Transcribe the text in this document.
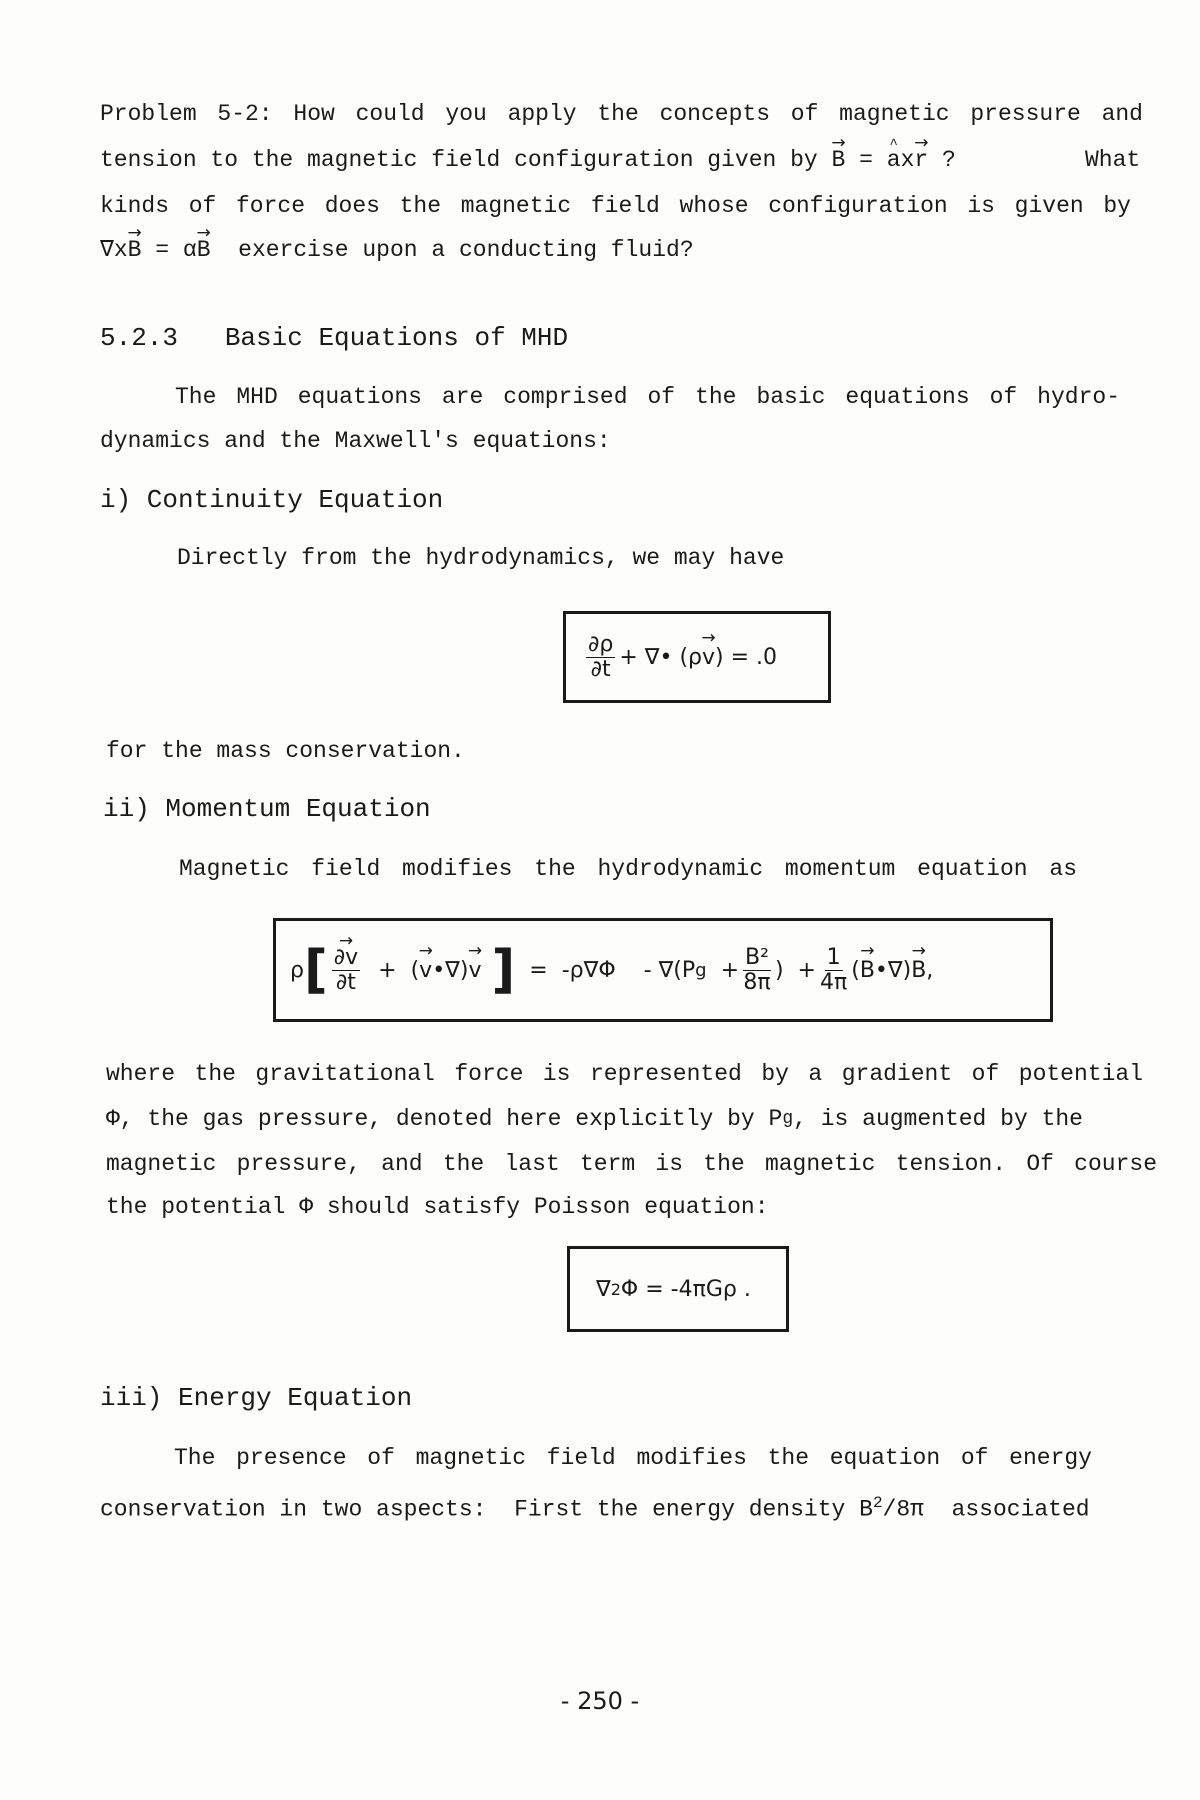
Problem 5-2: How could you apply the concepts of magnetic pressure and
tension to the magnetic field configuration given by → B = ^ ax→ r ?	What
kinds of force does the magnetic field whose configuration is given by
∇x→ B = α→ B exercise upon a conducting fluid?
5.2.3 Basic Equations of MHD
The MHD equations are comprised of the basic equations of hydro-
dynamics and the Maxwell's equations:
i) Continuity Equation
Directly from the hydrodynamics, we may have
$\frac{\partial\rho}{\partial t}$ + ∇• (ρ → v ) = .0
for the mass conservation.
ii) Momentum Equation
Magnetic field modifies the hydrodynamic momentum equation as
ρ [ → $\frac{\partial v}{\partial t}$ + ( → v •∇) → v ] = -ρ∇Φ - ∇(P $g + \frac{\text{B²}}{8\pi}$ ) + $\frac{1}{4\pi}$ ( → B •∇) → B ,
where the gravitational force is represented by a gradient of potential
Φ, the gas pressure, denoted here explicitly by P g , is augmented by the
magnetic pressure, and the last term is the magnetic tension. Of course
the potential Φ should satisfy Poisson equation:
∇ 2 Φ = -4πGρ .
iii) Energy Equation
The presence of magnetic field modifies the equation of energy
conservation in two aspects:  First the energy density $B^2/8\pi$  associated
- 250 -
